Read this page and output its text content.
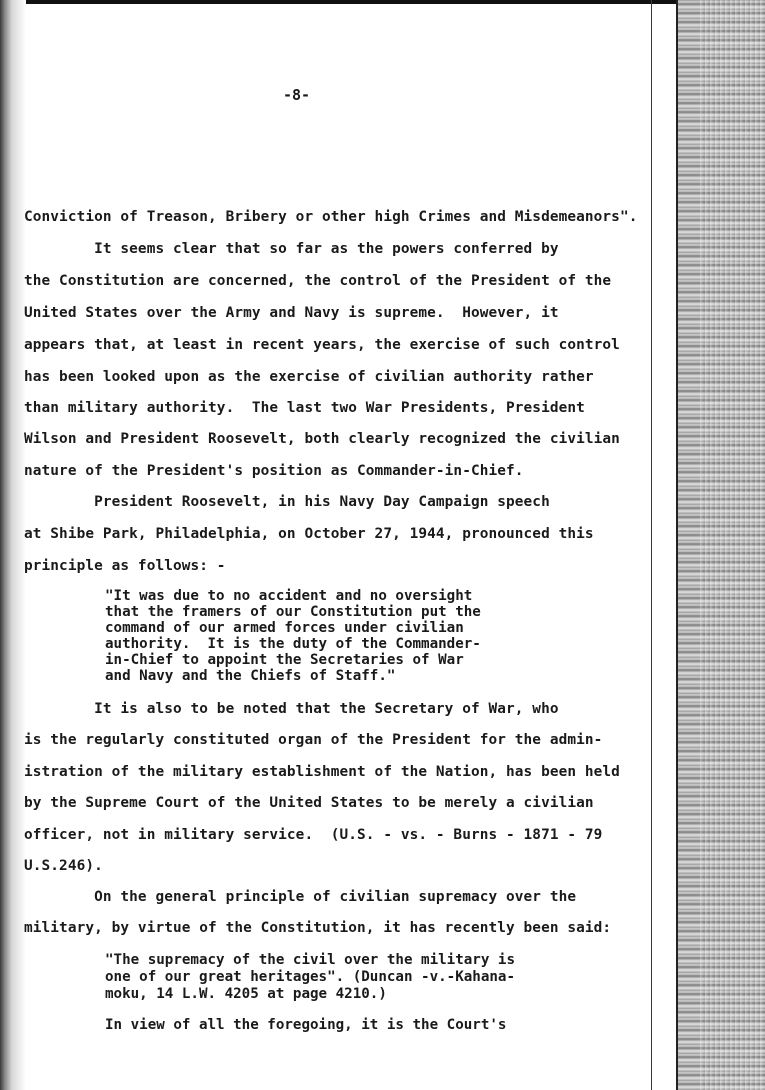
-8-

Conviction of Treason, Bribery or other high Crimes and Misdemeanors".

It seems clear that so far as the powers conferred by

the Constitution are concerned, the control of the President of the

United States over the Army and Navy is supreme.  However, it

appears that, at least in recent years, the exercise of such control

has been looked upon as the exercise of civilian authority rather

than military authority.  The last two War Presidents, President

Wilson and President Roosevelt, both clearly recognized the civilian

nature of the President's position as Commander-in-Chief.

President Roosevelt, in his Navy Day Campaign speech

at Shibe Park, Philadelphia, on October 27, 1944, pronounced this

principle as follows: -

"It was due to no accident and no oversight

that the framers of our Constitution put the

command of our armed forces under civilian

authority.  It is the duty of the Commander-

in-Chief to appoint the Secretaries of War

and Navy and the Chiefs of Staff."

It is also to be noted that the Secretary of War, who

is the regularly constituted organ of the President for the admin-

istration of the military establishment of the Nation, has been held

by the Supreme Court of the United States to be merely a civilian

officer, not in military service.  (U.S. - vs. - Burns - 1871 - 79

U.S.246).

On the general principle of civilian supremacy over the

military, by virtue of the Constitution, it has recently been said:

"The supremacy of the civil over the military is

one of our great heritages". (Duncan -v.-Kahana-

moku, 14 L.W. 4205 at page 4210.)

In view of all the foregoing, it is the Court's
